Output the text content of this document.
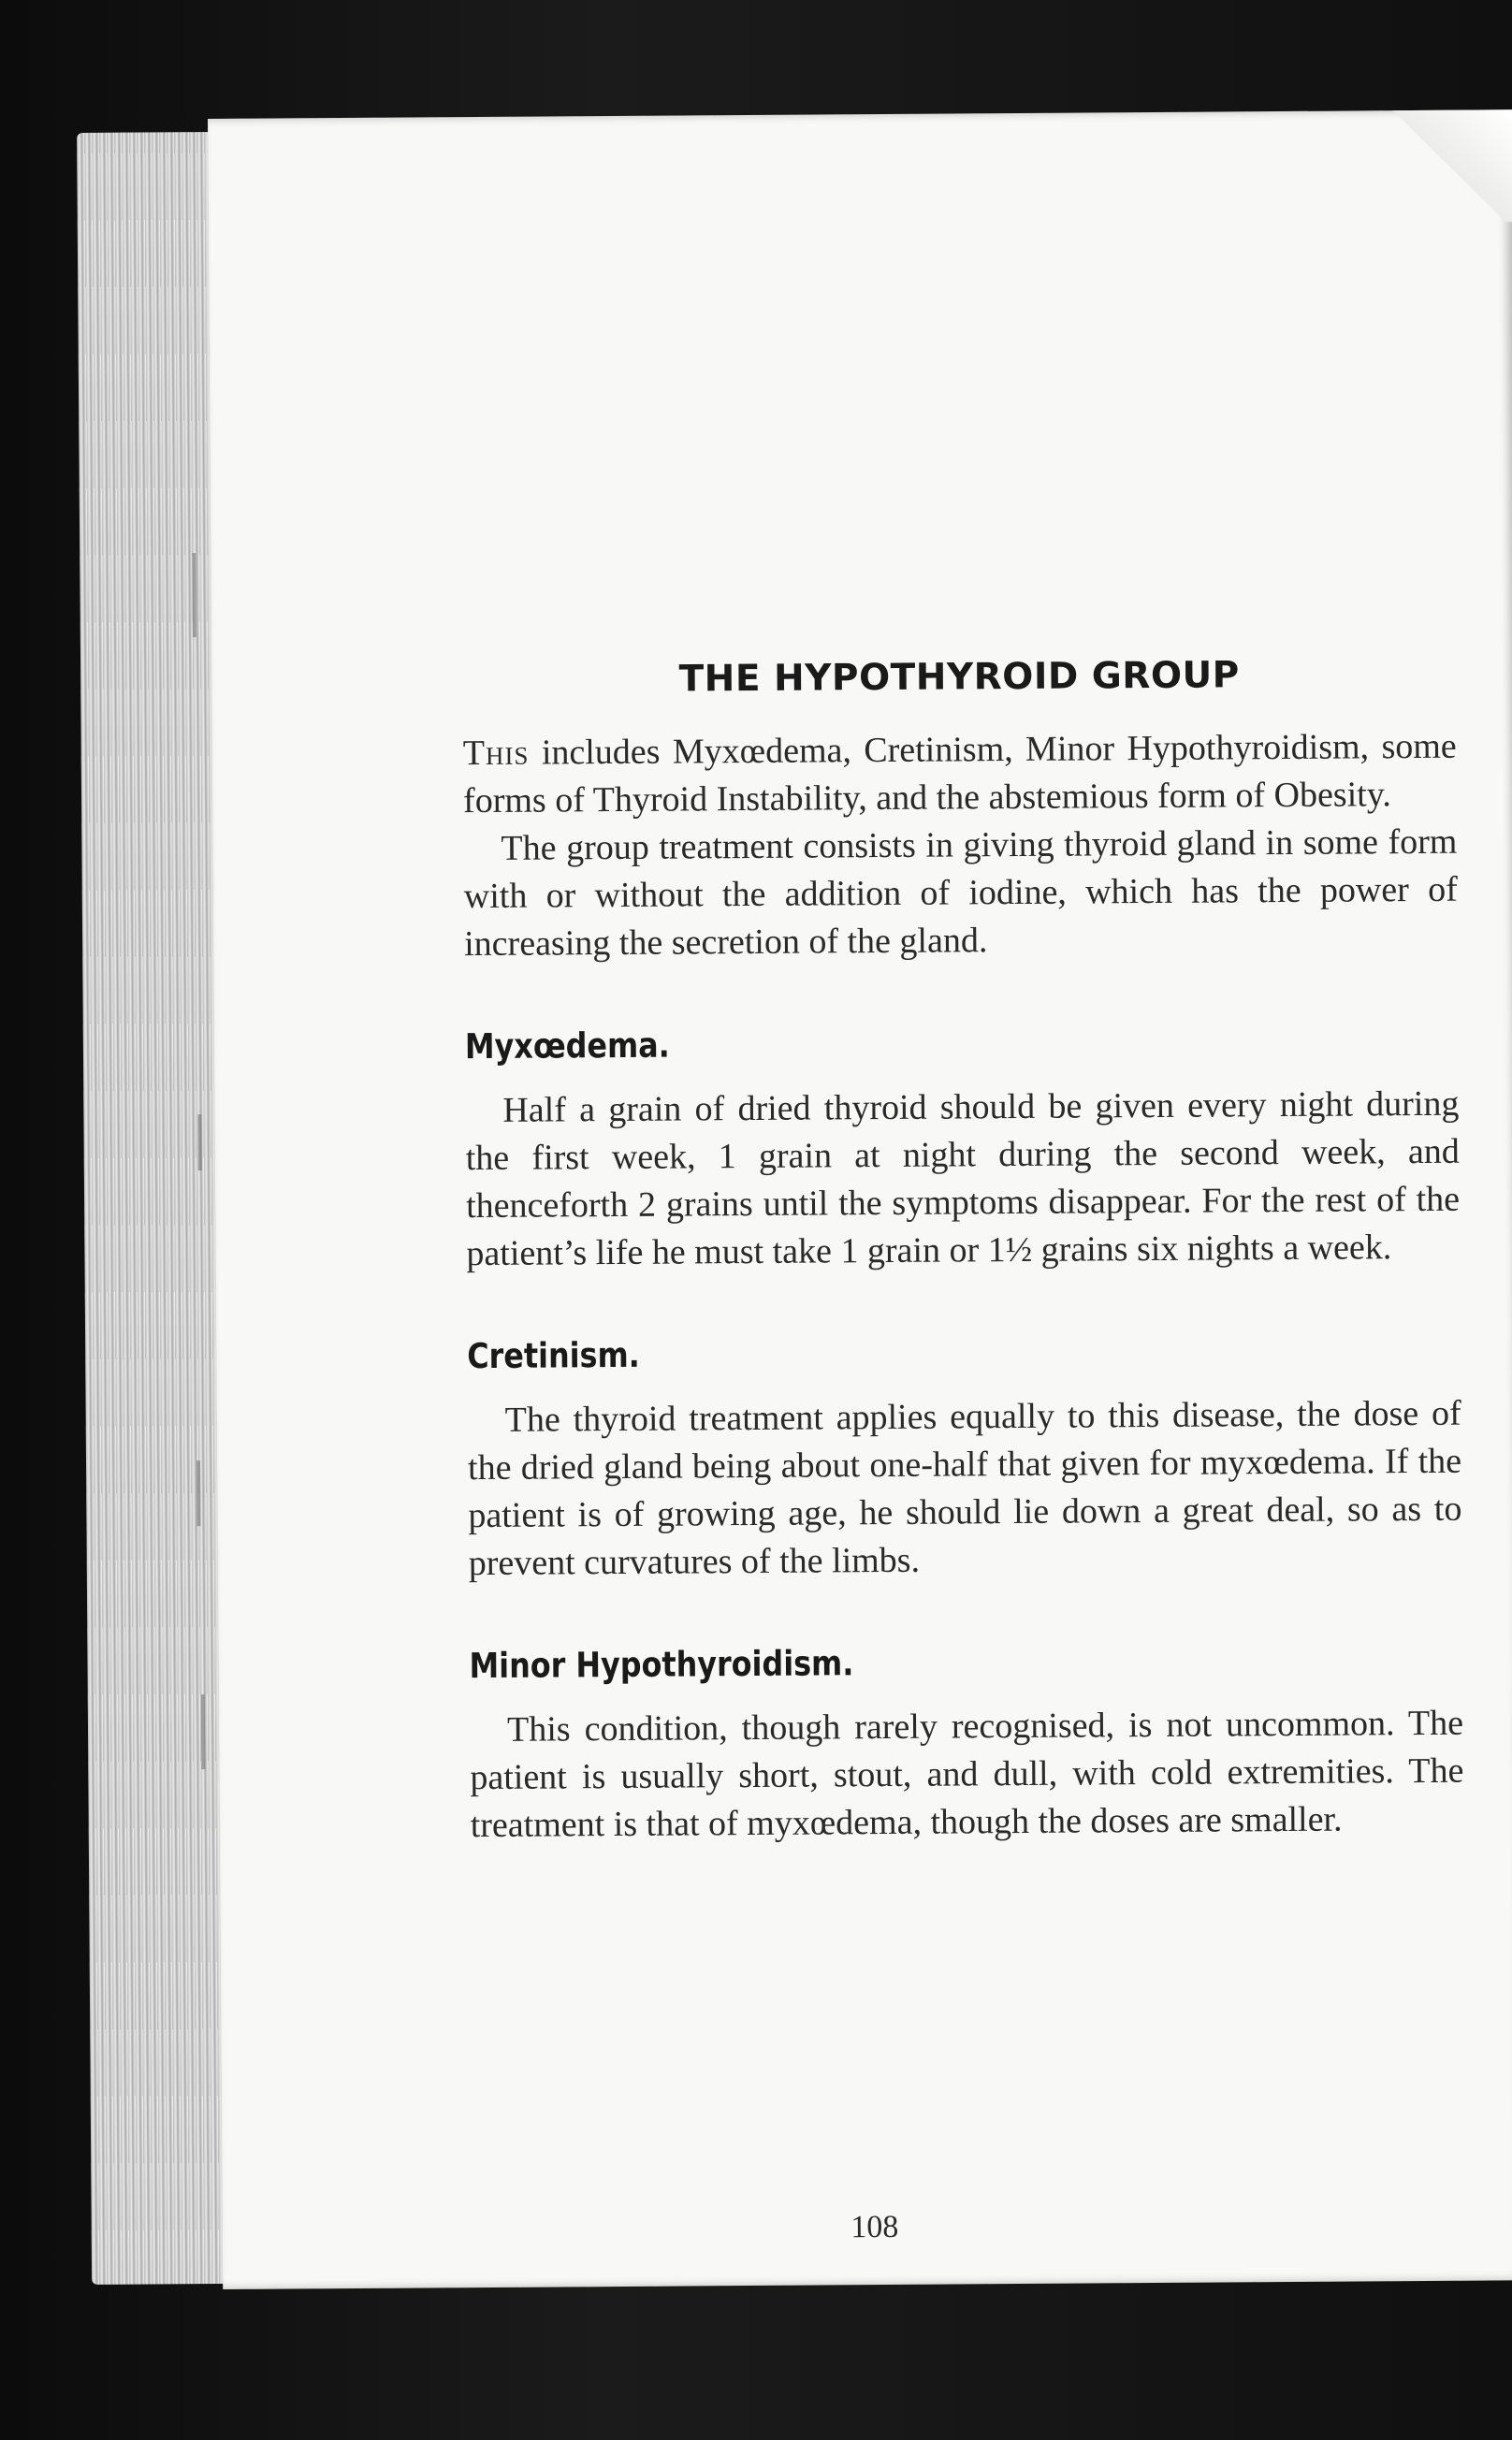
THE HYPOTHYROID GROUP

This includes Myxœdema, Cretinism, Minor Hypothyroidism, some forms of Thyroid Instability, and the abstemious form of Obesity.

The group treatment consists in giving thyroid gland in some form with or without the addition of iodine, which has the power of increasing the secretion of the gland.

Myxœdema.

Half a grain of dried thyroid should be given every night during the first week, 1 grain at night during the second week, and thenceforth 2 grains until the symptoms disappear. For the rest of the patient’s life he must take 1 grain or 1½ grains six nights a week.

Cretinism.

The thyroid treatment applies equally to this disease, the dose of the dried gland being about one-half that given for myxœdema. If the patient is of growing age, he should lie down a great deal, so as to prevent curvatures of the limbs.

Minor Hypothyroidism.

This condition, though rarely recognised, is not uncommon. The patient is usually short, stout, and dull, with cold extremities. The treatment is that of myxœdema, though the doses are smaller.

108
